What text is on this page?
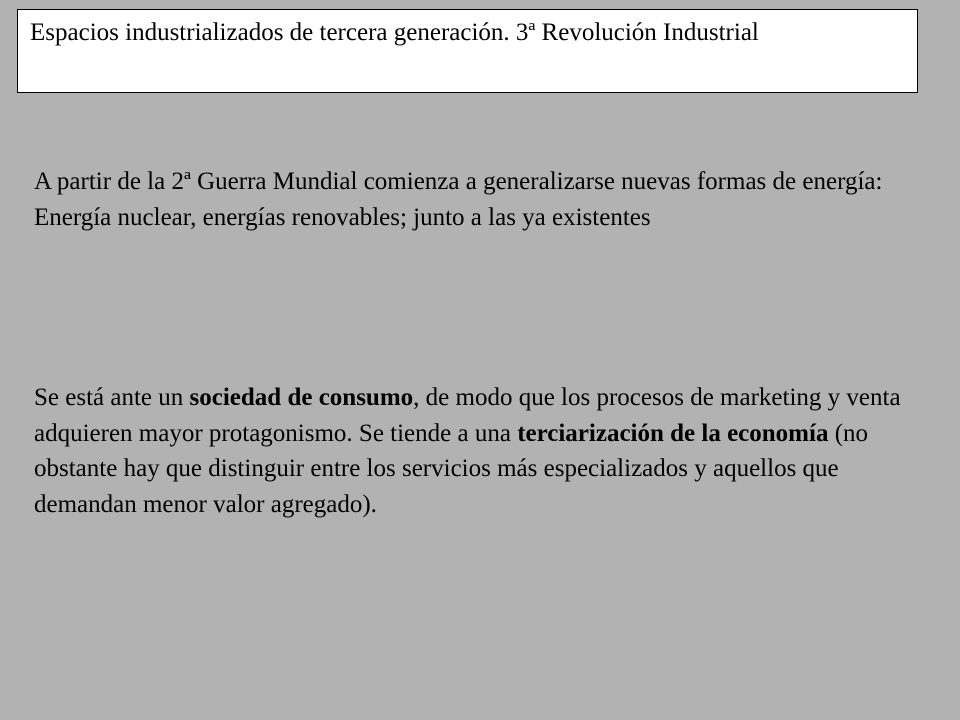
Espacios industrializados de tercera generación. 3ª Revolución Industrial

A partir de la 2ª Guerra Mundial comienza a generalizarse nuevas formas de energía: Energía nuclear, energías renovables; junto a las ya existentes

Se está ante un sociedad de consumo, de modo que los procesos de marketing y venta adquieren mayor protagonismo. Se tiende a una terciarización de la economía (no obstante hay que distinguir entre los servicios más especializados y aquellos que demandan menor valor agregado).
